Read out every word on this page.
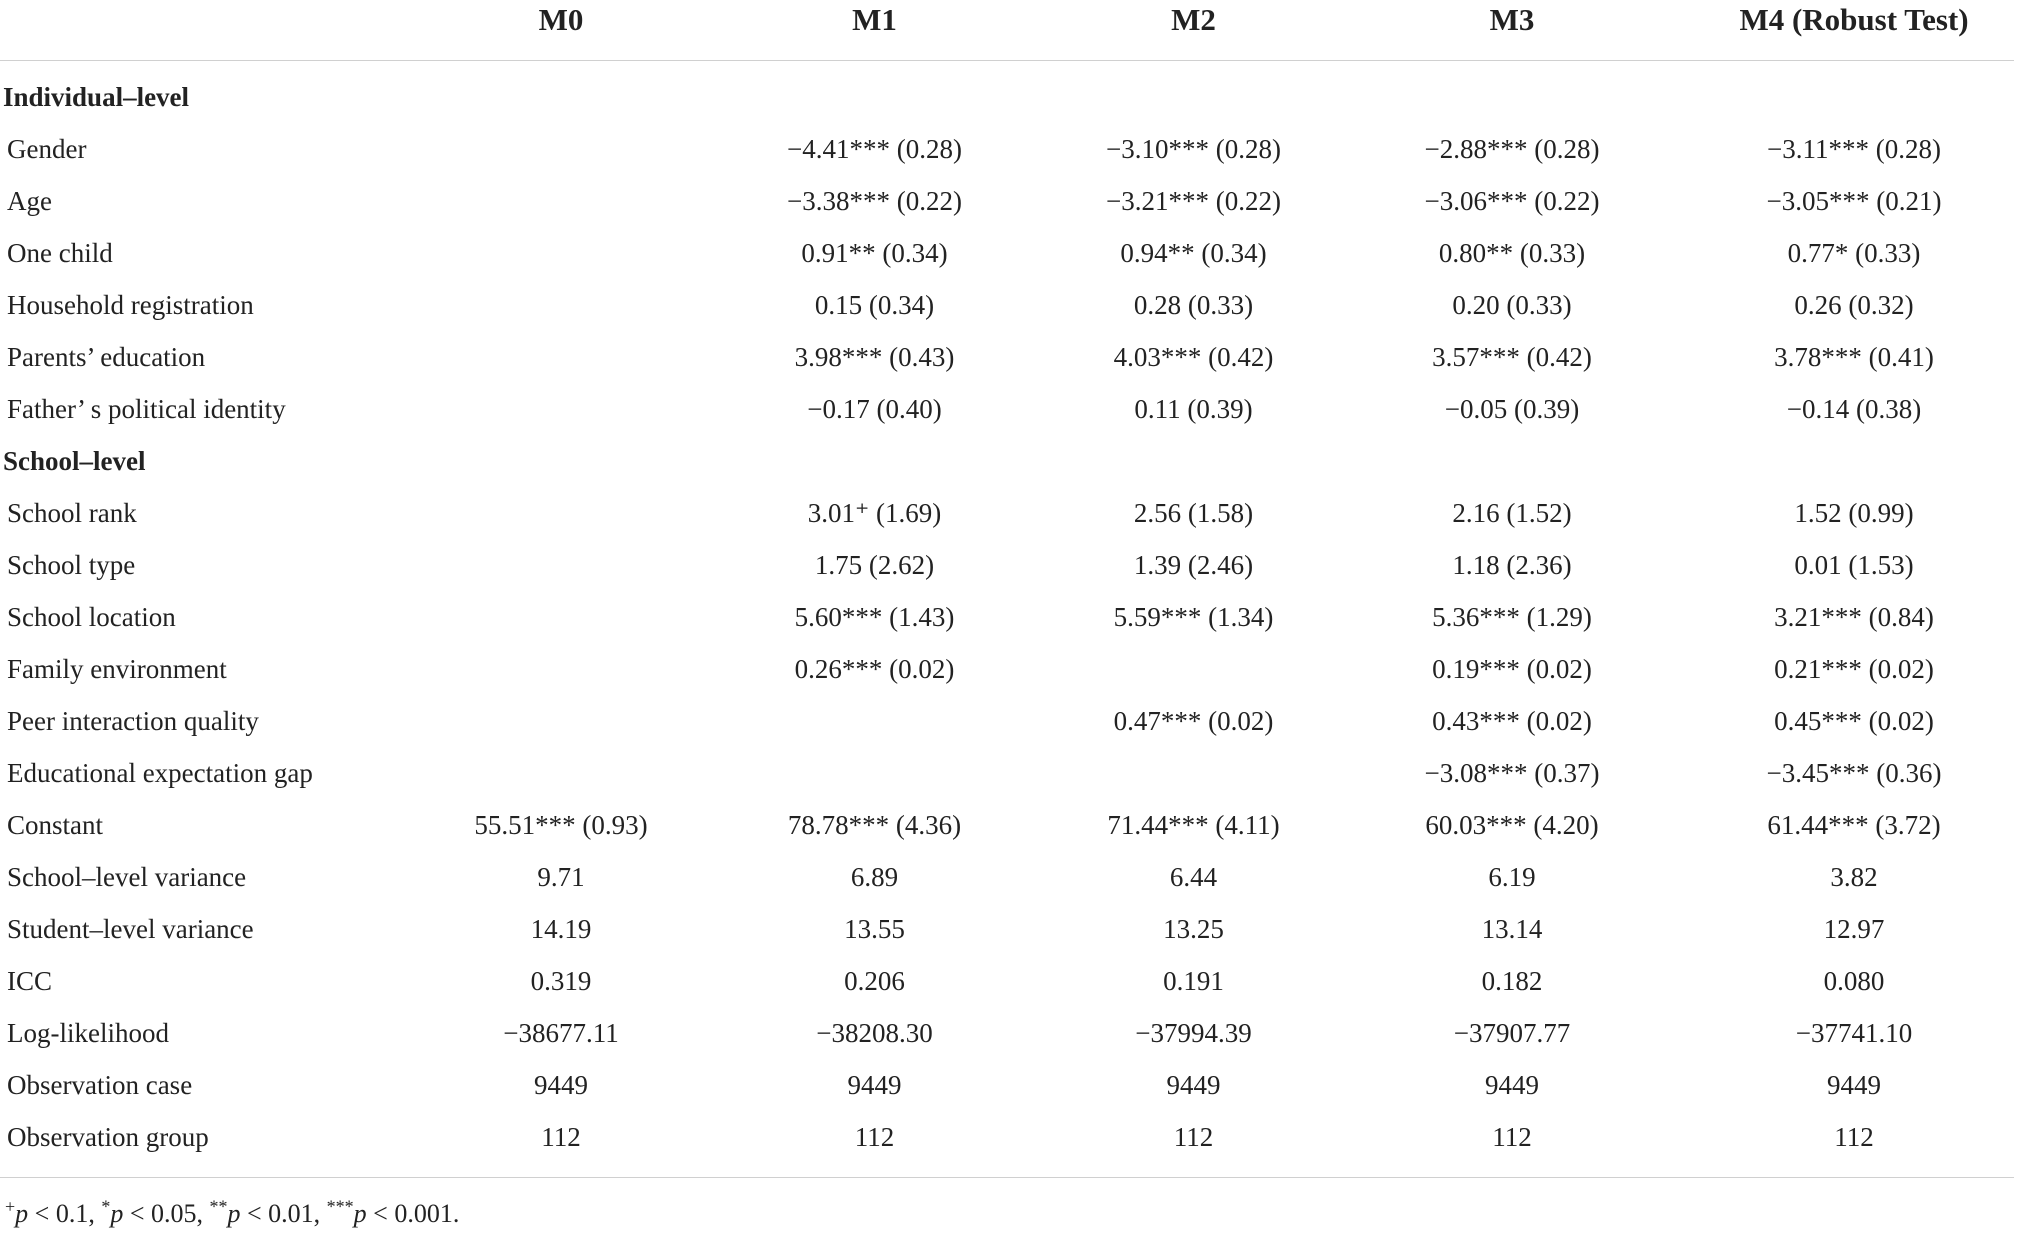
	M0	M1	M2	M3	M4 (Robust Test)
Individual–level					
Gender		−4.41*** (0.28)	−3.10*** (0.28)	−2.88*** (0.28)	−3.11*** (0.28)
Age		−3.38*** (0.22)	−3.21*** (0.22)	−3.06*** (0.22)	−3.05*** (0.21)
One child		0.91** (0.34)	0.94** (0.34)	0.80** (0.33)	0.77* (0.33)
Household registration		0.15 (0.34)	0.28 (0.33)	0.20 (0.33)	0.26 (0.32)
Parents’ education		3.98*** (0.43)	4.03*** (0.42)	3.57*** (0.42)	3.78*** (0.41)
Father’ s political identity		−0.17 (0.40)	0.11 (0.39)	−0.05 (0.39)	−0.14 (0.38)
School–level					
School rank		3.01⁺ (1.69)	2.56 (1.58)	2.16 (1.52)	1.52 (0.99)
School type		1.75 (2.62)	1.39 (2.46)	1.18 (2.36)	0.01 (1.53)
School location		5.60*** (1.43)	5.59*** (1.34)	5.36*** (1.29)	3.21*** (0.84)
Family environment		0.26*** (0.02)		0.19*** (0.02)	0.21*** (0.02)
Peer interaction quality			0.47*** (0.02)	0.43*** (0.02)	0.45*** (0.02)
Educational expectation gap				−3.08*** (0.37)	−3.45*** (0.36)
Constant	55.51*** (0.93)	78.78*** (4.36)	71.44*** (4.11)	60.03*** (4.20)	61.44*** (3.72)
School–level variance	9.71	6.89	6.44	6.19	3.82
Student–level variance	14.19	13.55	13.25	13.14	12.97
ICC	0.319	0.206	0.191	0.182	0.080
Log-likelihood	−38677.11	−38208.30	−37994.39	−37907.77	−37741.10
Observation case	9449	9449	9449	9449	9449
Observation group	112	112	112	112	112
+p < 0.1, *p < 0.05, **p < 0.01, ***p < 0.001.
